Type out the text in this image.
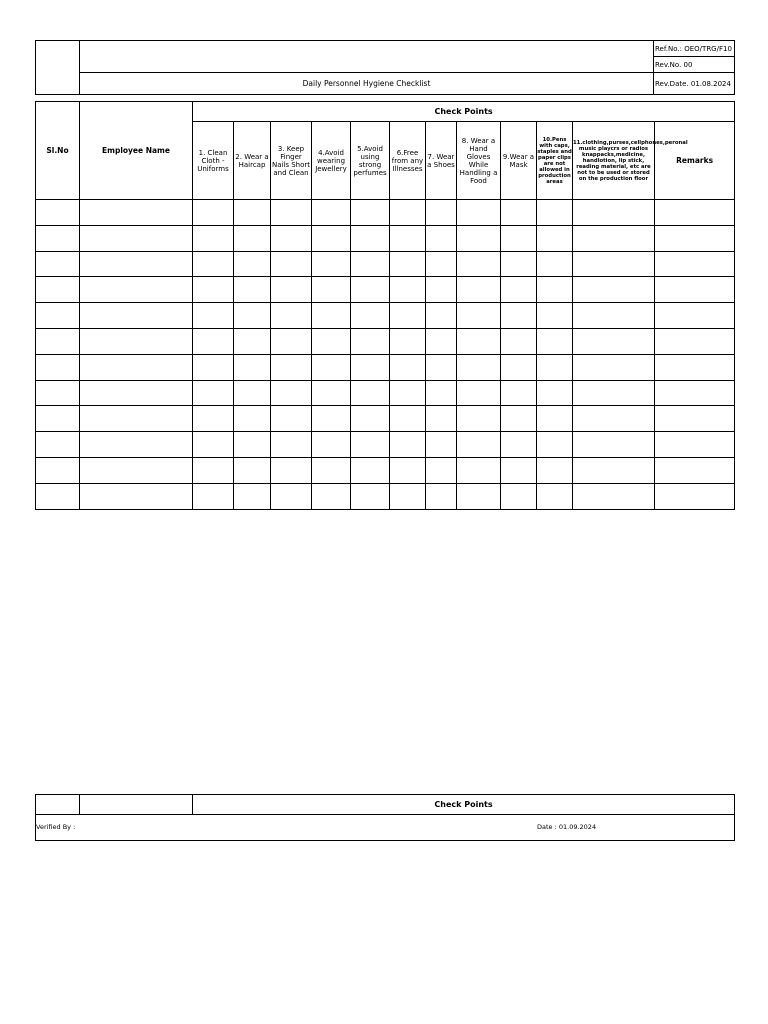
		Ref.No.: OEO/TRG/F10
		Rev.No. 00
	Daily Personnel Hygiene Checklist	Rev.Date. 01.08.2024
Sl.No	Employee Name	Check Points											
		1. Clean Cloth - Uniforms	2. Wear a Haircap	3. Keep Finger Nails Short and Clean	4.Avoid wearing Jewellery	5.Avoid using strong perfumes	6.Free from any Illnesses	7. Wear a Shoes	8. Wear a Hand Gloves While Handling a Food	9.Wear a Mask	10.Pens with caps, staples and paper clips are not allowed in production areas	11.clothing,purses,cellphones,peronal music playcrs or radios knappacks,medicine, handlotion, lip stick, reading material, etc are not to be used or stored on the production floor	Remarks

		Check Points
Verified By :	Date : 01.09.2024
